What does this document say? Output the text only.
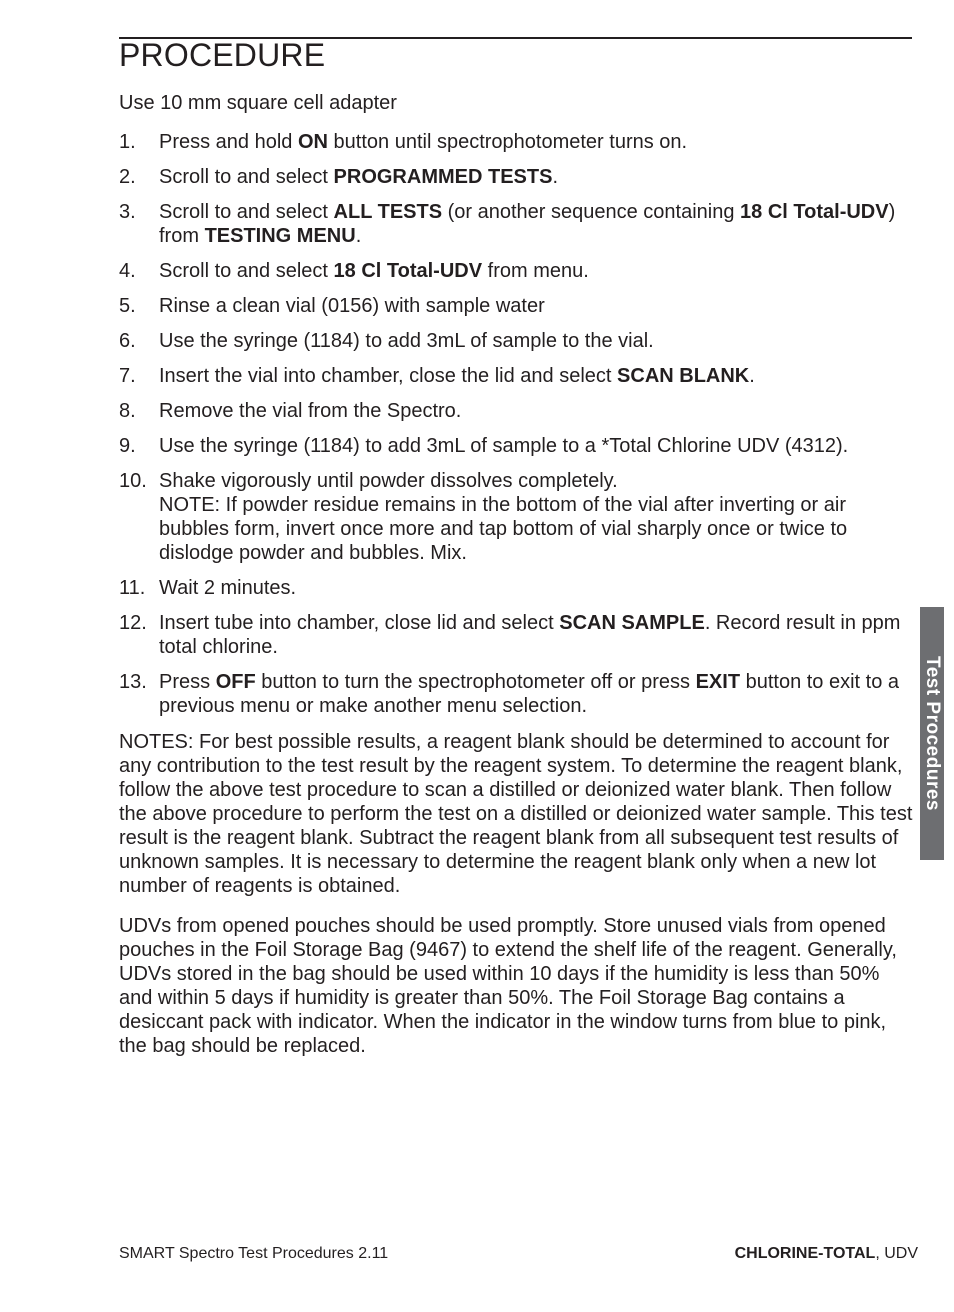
PROCEDURE
Use 10 mm square cell adapter
1.	Press and hold ON button until spectrophotometer turns on.
2.	Scroll to and select PROGRAMMED TESTS.
3.	Scroll to and select ALL TESTS (or another sequence containing 18 Cl Total-UDV) from TESTING MENU.
4.	Scroll to and select 18 Cl Total-UDV from menu.
5.	Rinse a clean vial (0156) with sample water
6.	Use the syringe (1184) to add 3mL of sample to the vial.
7.	Insert the vial into chamber, close the lid and select SCAN BLANK.
8.	Remove the vial from the Spectro.
9.	Use the syringe (1184) to add 3mL of sample to a *Total Chlorine UDV (4312).
10. Shake vigorously until powder dissolves completely.
NOTE: If powder residue remains in the bottom of the vial after inverting or air bubbles form, invert once more and tap bottom of vial sharply once or twice to dislodge powder and bubbles. Mix.
11. Wait 2 minutes.
12. Insert tube into chamber, close lid and select SCAN SAMPLE. Record result in ppm total chlorine.
13. Press OFF button to turn the spectrophotometer off or press EXIT button to exit to a previous menu or make another menu selection.
NOTES: For best possible results, a reagent blank should be determined to account for any contribution to the test result by the reagent system. To determine the reagent blank, follow the above test procedure to scan a distilled or deionized water blank. Then follow the above procedure to perform the test on a distilled or deionized water sample. This test result is the reagent blank. Subtract the reagent blank from all subsequent test results of unknown samples. It is necessary to determine the reagent blank only when a new lot number of reagents is obtained.
UDVs from opened pouches should be used promptly. Store unused vials from opened pouches in the Foil Storage Bag (9467) to extend the shelf life of the reagent. Generally, UDVs stored in the bag should be used within 10 days if the humidity is less than 50% and within 5 days if humidity is greater than 50%. The Foil Storage Bag contains a desiccant pack with indicator. When the indicator in the window turns from blue to pink, the bag should be replaced.
Test Procedures
SMART Spectro Test Procedures 2.11	CHLORINE-TOTAL, UDV
